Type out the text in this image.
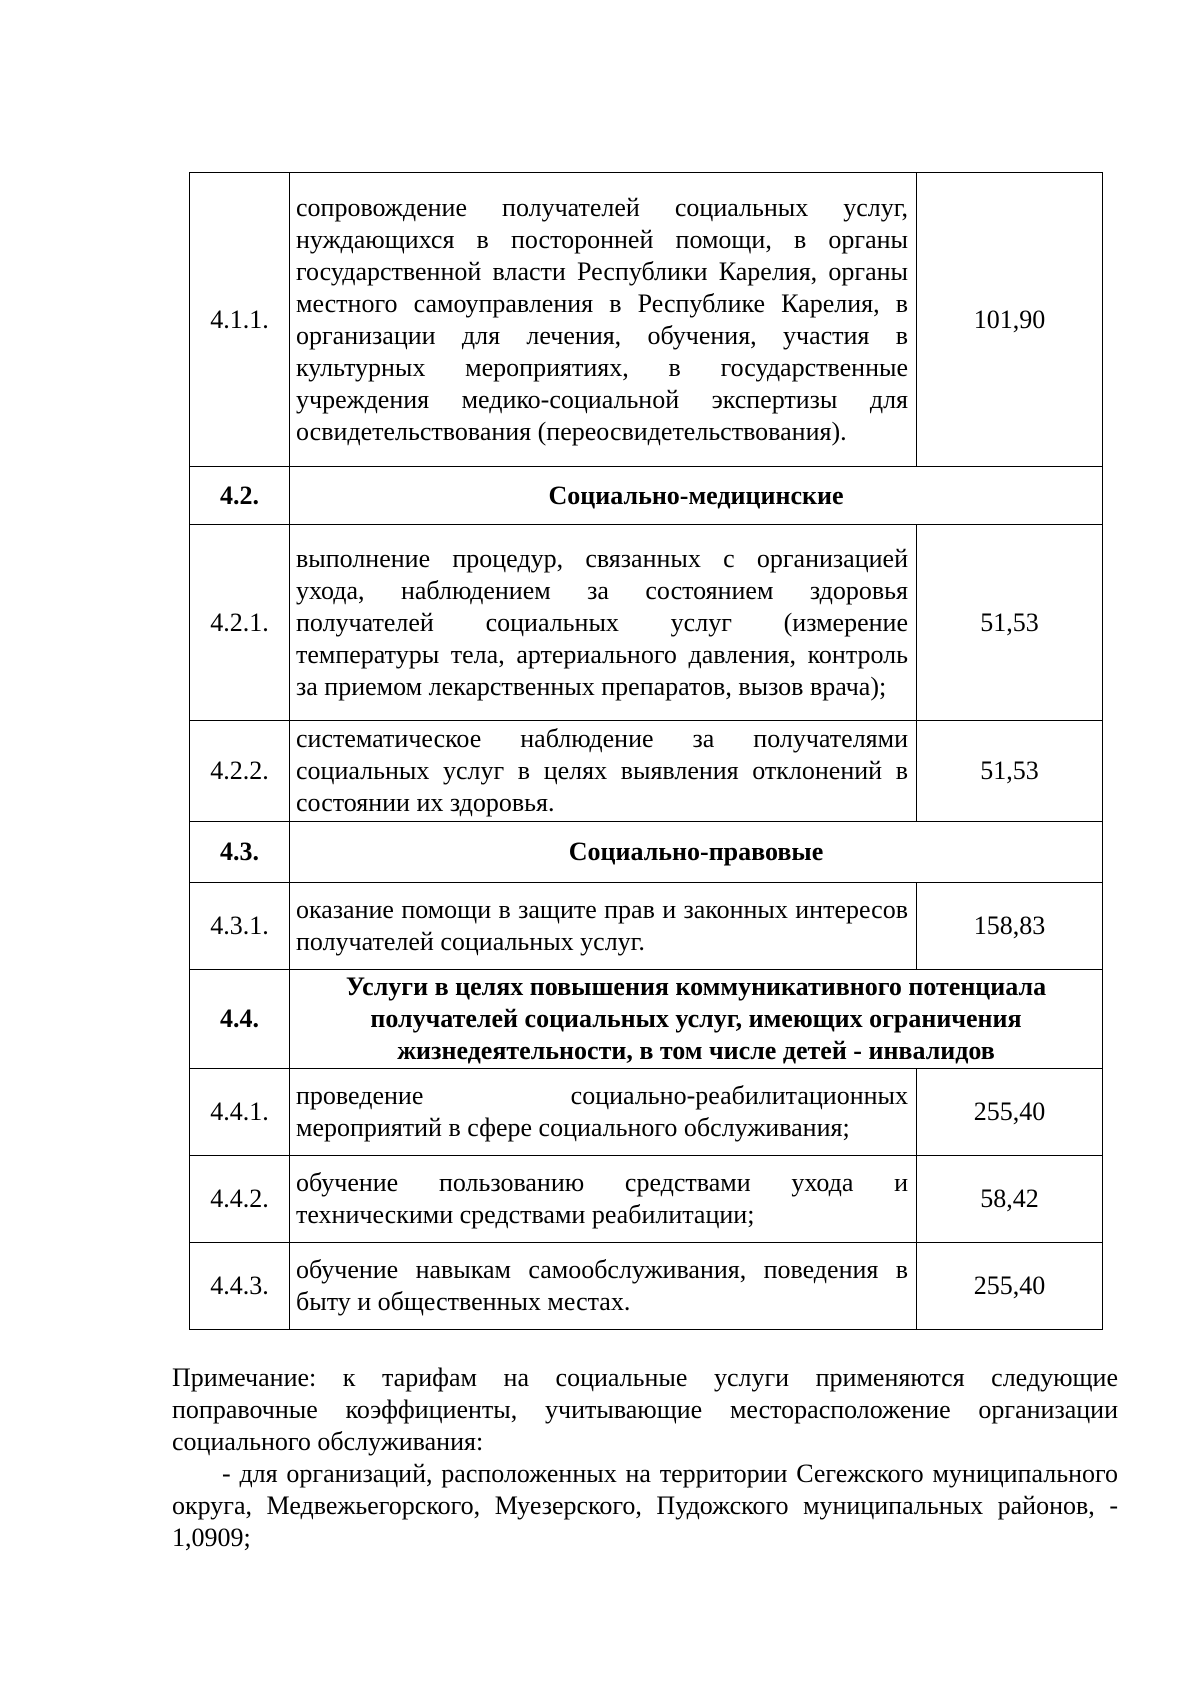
4.1.1.	сопровождение получателей социальных услуг, нуждающихся в посторонней помощи, в органы государственной власти Республики Карелия, органы местного самоуправления в Республике Карелия, в организации для лечения, обучения, участия в культурных мероприятиях, в государственные учреждения медико-социальной экспертизы для освидетельствования (переосвидетельствования).	101,90
4.2.	Социально-медицинские	
4.2.1.	выполнение процедур, связанных с организацией ухода, наблюдением за состоянием здоровья получателей социальных услуг (измерение температуры тела, артериального давления, контроль за приемом лекарственных препаратов, вызов врача);	51,53
4.2.2.	систематическое наблюдение за получателями социальных услуг в целях выявления отклонений в состоянии их здоровья.	51,53
4.3.	Социально-правовые	
4.3.1.	оказание помощи в защите прав и законных интересов получателей социальных услуг.	158,83
4.4.	Услуги в целях повышения коммуникативного потенциала получателей социальных услуг, имеющих ограничения жизнедеятельности, в том числе детей - инвалидов	
4.4.1.	проведение социально-реабилитационных мероприятий в сфере социального обслуживания;	255,40
4.4.2.	обучение пользованию средствами ухода и техническими средствами реабилитации;	58,42
4.4.3.	обучение навыкам самообслуживания, поведения в быту и общественных местах.	255,40

Примечание: к тарифам на социальные услуги применяются следующие поправочные коэффициенты, учитывающие месторасположение организации социального обслуживания:

- для организаций, расположенных на территории Сегежского муниципального округа, Медвежьегорского, Муезерского, Пудожского муниципальных районов, - 1,0909;
